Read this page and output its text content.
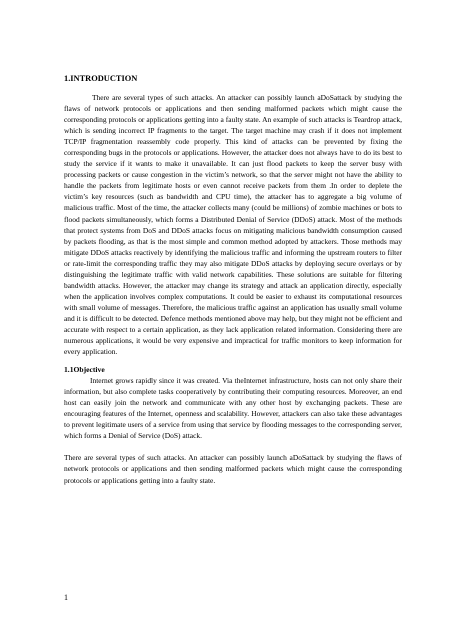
1.INTRODUCTION

There are several types of such attacks. An attacker can possibly launch aDoSattack by studying the flaws of network protocols or applications and then sending malformed packets which might cause the corresponding protocols or applications getting into a faulty state. An example of such attacks is Teardrop attack, which is sending incorrect IP fragments to the target. The target machine may crash if it does not implement TCP/IP fragmentation reassembly code properly. This kind of attacks can be prevented by fixing the corresponding bugs in the protocols or applications. However, the attacker does not always have to do its best to study the service if it wants to make it unavailable. It can just flood packets to keep the server busy with processing packets or cause congestion in the victim’s network, so that the server might not have the ability to handle the packets from legitimate hosts or even cannot receive packets from them .In order to deplete the victim’s key resources (such as bandwidth and CPU time), the attacker has to aggregate a big volume of malicious traffic. Most of the time, the attacker collects many (could be millions) of zombie machines or bots to flood packets simultaneously, which forms a Distributed Denial of Service (DDoS) attack. Most of the methods that protect systems from DoS and DDoS attacks focus on mitigating malicious bandwidth consumption caused by packets flooding, as that is the most simple and common method adopted by attackers. Those methods may mitigate DDoS attacks reactively by identifying the malicious traffic and informing the upstream routers to filter or rate-limit the corresponding traffic they may also mitigate DDoS attacks by deploying secure overlays or by distinguishing the legitimate traffic with valid network capabilities. These solutions are suitable for filtering bandwidth attacks. However, the attacker may change its strategy and attack an application directly, especially when the application involves complex computations. It could be easier to exhaust its computational resources with small volume of messages. Therefore, the malicious traffic against an application has usually small volume and it is difficult to be detected. Defence methods mentioned above may help, but they might not be efficient and accurate with respect to a certain application, as they lack application related information. Considering there are numerous applications, it would be very expensive and impractical for traffic monitors to keep information for every application.

1.1Objective

Internet grows rapidly since it was created. Via theInternet infrastructure, hosts can not only share their information, but also complete tasks cooperatively by contributing their computing resources. Moreover, an end host can easily join the network and communicate with any other host by exchanging packets. These are encouraging features of the Internet, openness and scalability. However, attackers can also take these advantages to prevent legitimate users of a service from using that service by flooding messages to the corresponding server, which forms a Denial of Service (DoS) attack.

There are several types of such attacks. An attacker can possibly launch aDoSattack by studying the flaws of network protocols or applications and then sending malformed packets which might cause the corresponding protocols or applications getting into a faulty state.

1
